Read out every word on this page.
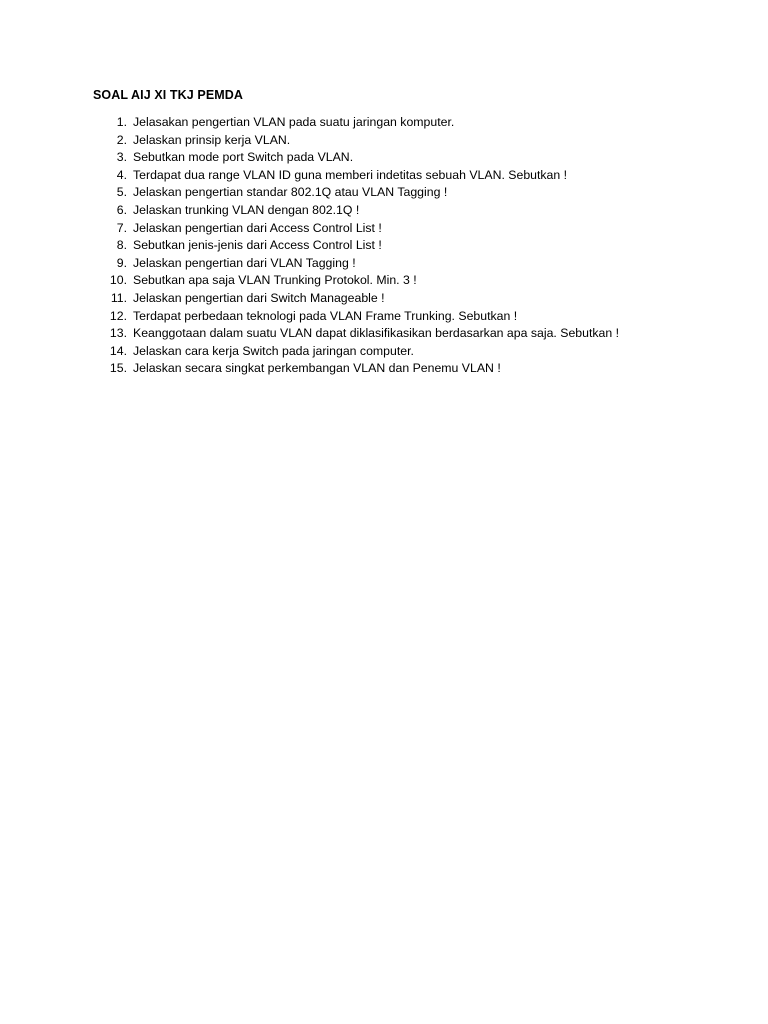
SOAL AIJ XI TKJ PEMDA
1. Jelasakan pengertian VLAN pada suatu jaringan komputer.
2. Jelaskan prinsip kerja VLAN.
3. Sebutkan mode port Switch pada VLAN.
4. Terdapat dua range VLAN ID guna memberi indetitas sebuah VLAN. Sebutkan !
5. Jelaskan pengertian standar 802.1Q atau VLAN Tagging !
6. Jelaskan trunking VLAN dengan 802.1Q !
7. Jelaskan pengertian dari Access Control List !
8. Sebutkan jenis-jenis dari Access Control List !
9. Jelaskan pengertian dari VLAN Tagging !
10. Sebutkan apa saja VLAN Trunking Protokol. Min. 3 !
11. Jelaskan pengertian dari Switch Manageable !
12. Terdapat perbedaan teknologi pada VLAN Frame Trunking. Sebutkan !
13. Keanggotaan dalam suatu VLAN dapat diklasifikasikan berdasarkan apa saja. Sebutkan !
14. Jelaskan cara kerja Switch pada jaringan computer.
15. Jelaskan secara singkat perkembangan VLAN dan Penemu VLAN !
